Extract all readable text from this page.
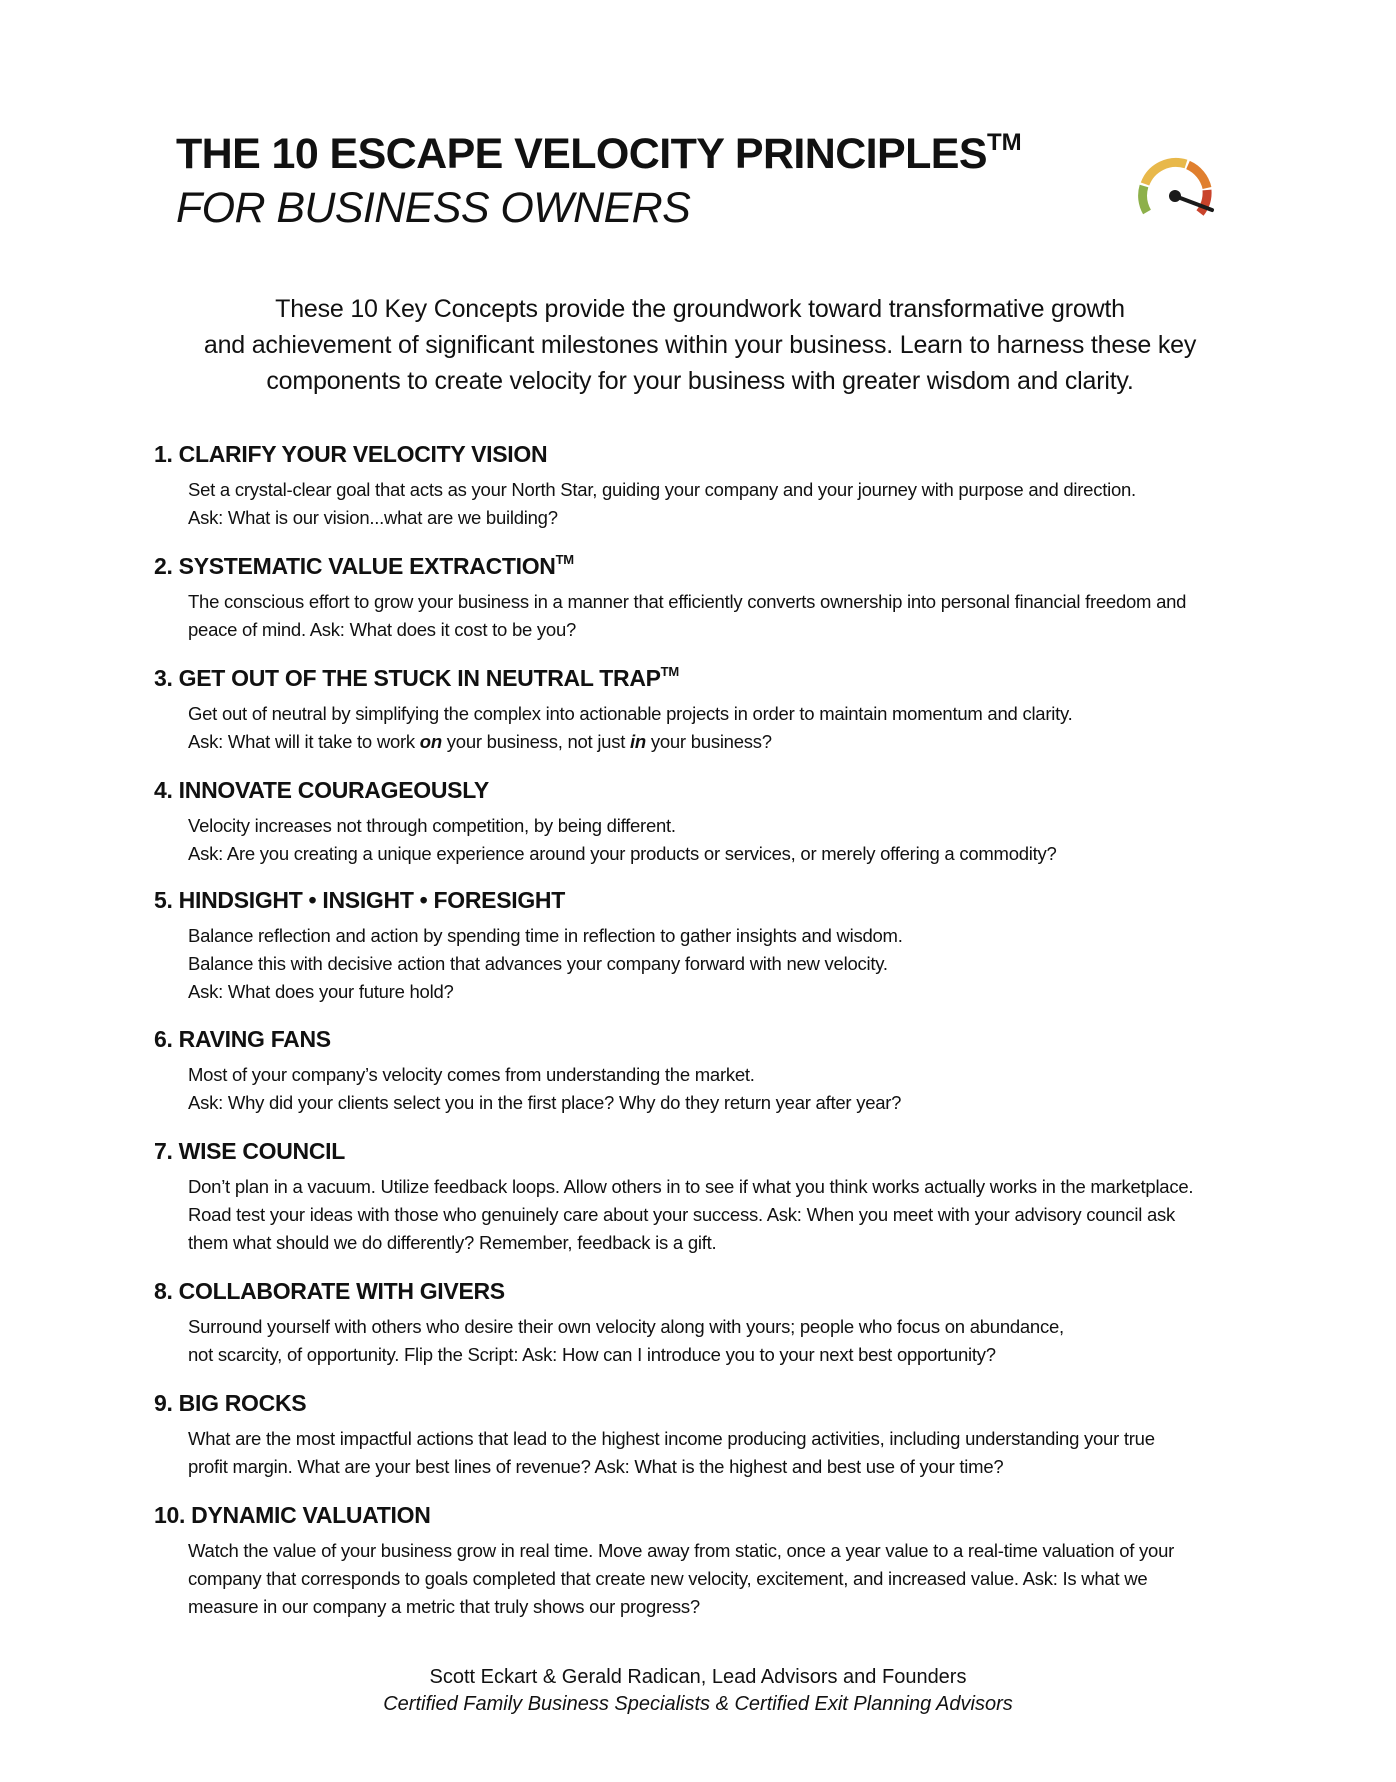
THE 10 ESCAPE VELOCITY PRINCIPLES™
FOR BUSINESS OWNERS
These 10 Key Concepts provide the groundwork toward transformative growth
and achievement of significant milestones within your business. Learn to harness these key
components to create velocity for your business with greater wisdom and clarity.
1. CLARIFY YOUR VELOCITY VISION

Set a crystal-clear goal that acts as your North Star, guiding your company and your journey with purpose and direction.

Ask: What is our vision...what are we building?

2. SYSTEMATIC VALUE EXTRACTION™

The conscious effort to grow your business in a manner that efficiently converts ownership into personal financial freedom and

peace of mind. Ask: What does it cost to be you?

3. GET OUT OF THE STUCK IN NEUTRAL TRAP™

Get out of neutral by simplifying the complex into actionable projects in order to maintain momentum and clarity.

Ask: What will it take to work on your business, not just in your business?

4. INNOVATE COURAGEOUSLY

Velocity increases not through competition, by being different.

Ask: Are you creating a unique experience around your products or services, or merely offering a commodity?

5. HINDSIGHT • INSIGHT • FORESIGHT

Balance reflection and action by spending time in reflection to gather insights and wisdom.

Balance this with decisive action that advances your company forward with new velocity.

Ask: What does your future hold?

6. RAVING FANS

Most of your company’s velocity comes from understanding the market.

Ask: Why did your clients select you in the first place? Why do they return year after year?

7. WISE COUNCIL

Don’t plan in a vacuum. Utilize feedback loops. Allow others in to see if what you think works actually works in the marketplace.

Road test your ideas with those who genuinely care about your success. Ask: When you meet with your advisory council ask

them what should we do differently? Remember, feedback is a gift.

8. COLLABORATE WITH GIVERS

Surround yourself with others who desire their own velocity along with yours; people who focus on abundance,

not scarcity, of opportunity. Flip the Script: Ask: How can I introduce you to your next best opportunity?

9. BIG ROCKS

What are the most impactful actions that lead to the highest income producing activities, including understanding your true

profit margin. What are your best lines of revenue? Ask: What is the highest and best use of your time?

10. DYNAMIC VALUATION

Watch the value of your business grow in real time. Move away from static, once a year value to a real-time valuation of your

company that corresponds to goals completed that create new velocity, excitement, and increased value. Ask: Is what we

measure in our company a metric that truly shows our progress?

Scott Eckart & Gerald Radican, Lead Advisors and Founders
Certified Family Business Specialists & Certified Exit Planning Advisors
